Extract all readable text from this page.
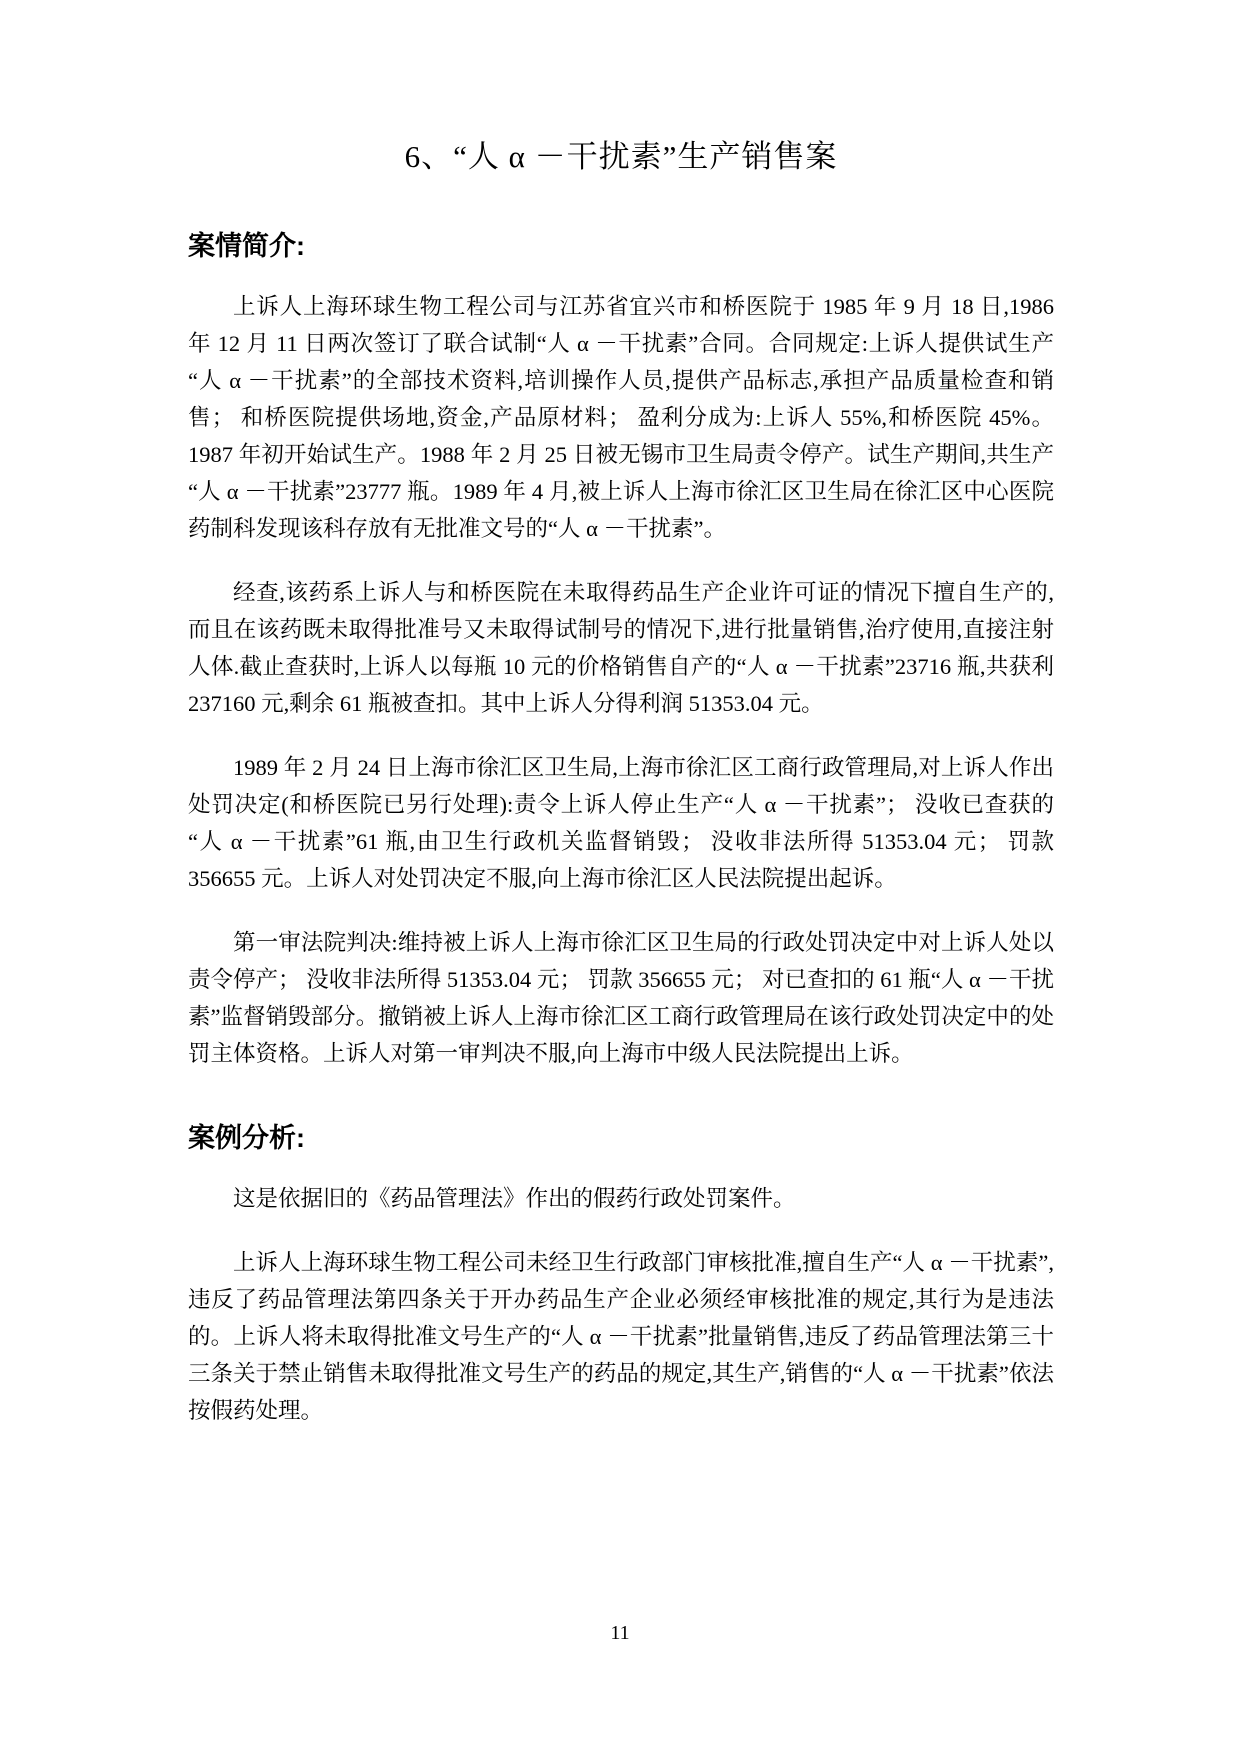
6、“人 α －干扰素”生产销售案
案情简介:

上诉人上海环球生物工程公司与江苏省宜兴市和桥医院于 1985 年 9 月 18 日,1986 年 12 月 11 日两次签订了联合试制“人 α －干扰素”合同。合同规定:上诉人提供试生产“人 α －干扰素”的全部技术资料,培训操作人员,提供产品标志,承担产品质量检查和销售； 和桥医院提供场地,资金,产品原材料； 盈利分成为:上诉人 55%,和桥医院 45%。1987 年初开始试生产。1988 年 2 月 25 日被无锡市卫生局责令停产。试生产期间,共生产“人 α －干扰素”23777 瓶。1989 年 4 月,被上诉人上海市徐汇区卫生局在徐汇区中心医院药制科发现该科存放有无批准文号的“人 α －干扰素”。

经查,该药系上诉人与和桥医院在未取得药品生产企业许可证的情况下擅自生产的,而且在该药既未取得批准号又未取得试制号的情况下,进行批量销售,治疗使用,直接注射人体.截止查获时,上诉人以每瓶 10 元的价格销售自产的“人 α －干扰素”23716 瓶,共获利 237160 元,剩余 61 瓶被查扣。其中上诉人分得利润 51353.04 元。

1989 年 2 月 24 日上海市徐汇区卫生局,上海市徐汇区工商行政管理局,对上诉人作出处罚决定(和桥医院已另行处理):责令上诉人停止生产“人 α －干扰素”； 没收已查获的“人 α －干扰素”61 瓶,由卫生行政机关监督销毁； 没收非法所得 51353.04 元； 罚款 356655 元。上诉人对处罚决定不服,向上海市徐汇区人民法院提出起诉。

第一审法院判决:维持被上诉人上海市徐汇区卫生局的行政处罚决定中对上诉人处以责令停产； 没收非法所得 51353.04 元； 罚款 356655 元； 对已查扣的 61 瓶“人 α －干扰素”监督销毁部分。撤销被上诉人上海市徐汇区工商行政管理局在该行政处罚决定中的处罚主体资格。上诉人对第一审判决不服,向上海市中级人民法院提出上诉。

案例分析:

这是依据旧的《药品管理法》作出的假药行政处罚案件。

上诉人上海环球生物工程公司未经卫生行政部门审核批准,擅自生产“人 α －干扰素”,违反了药品管理法第四条关于开办药品生产企业必须经审核批准的规定,其行为是违法的。上诉人将未取得批准文号生产的“人 α －干扰素”批量销售,违反了药品管理法第三十三条关于禁止销售未取得批准文号生产的药品的规定,其生产,销售的“人 α －干扰素”依法按假药处理。

11
